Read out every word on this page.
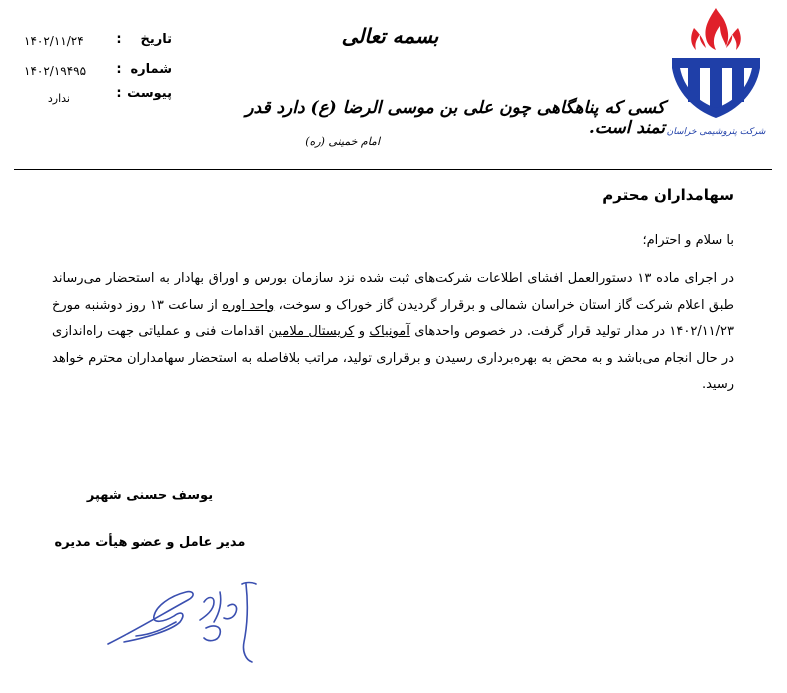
شرکت پتروشیمی خراسان
بسمه تعالی
کسی که پناهگاهی چون علی بن موسی الرضا (ع) دارد قدر تمند است.
امام خمینی (ره)
تاریخ
:
۱۴۰۲/۱۱/۲۴
شماره
:
۱۴۰۲/۱۹۴۹۵
پیوست
:
ندارد
سهامداران محترم
با سلام و احترام؛
در اجرای ماده ۱۳ دستورالعمل افشای اطلاعات شرکت‌های ثبت شده نزد سازمان بورس و اوراق بهادار به استحضار می‌رساند طبق اعلام شرکت گاز استان خراسان شمالی و برقرار گردیدن گاز خوراک و سوخت، واحد اوره از ساعت ۱۳ روز دوشنبه مورخ ۱۴۰۲/۱۱/۲۳ در مدار تولید قرار گرفت. در خصوص واحدهای آمونیاک و کریستال ملامین اقدامات فنی و عملیاتی جهت راه‌اندازی در حال انجام می‌باشد و به محض به بهره‌برداری رسیدن و برقراری تولید، مراتب بلافاصله به استحضار سهامداران محترم خواهد رسید.
یوسف حسنی شهپر
مدیر عامل و عضو هیأت مدیره
